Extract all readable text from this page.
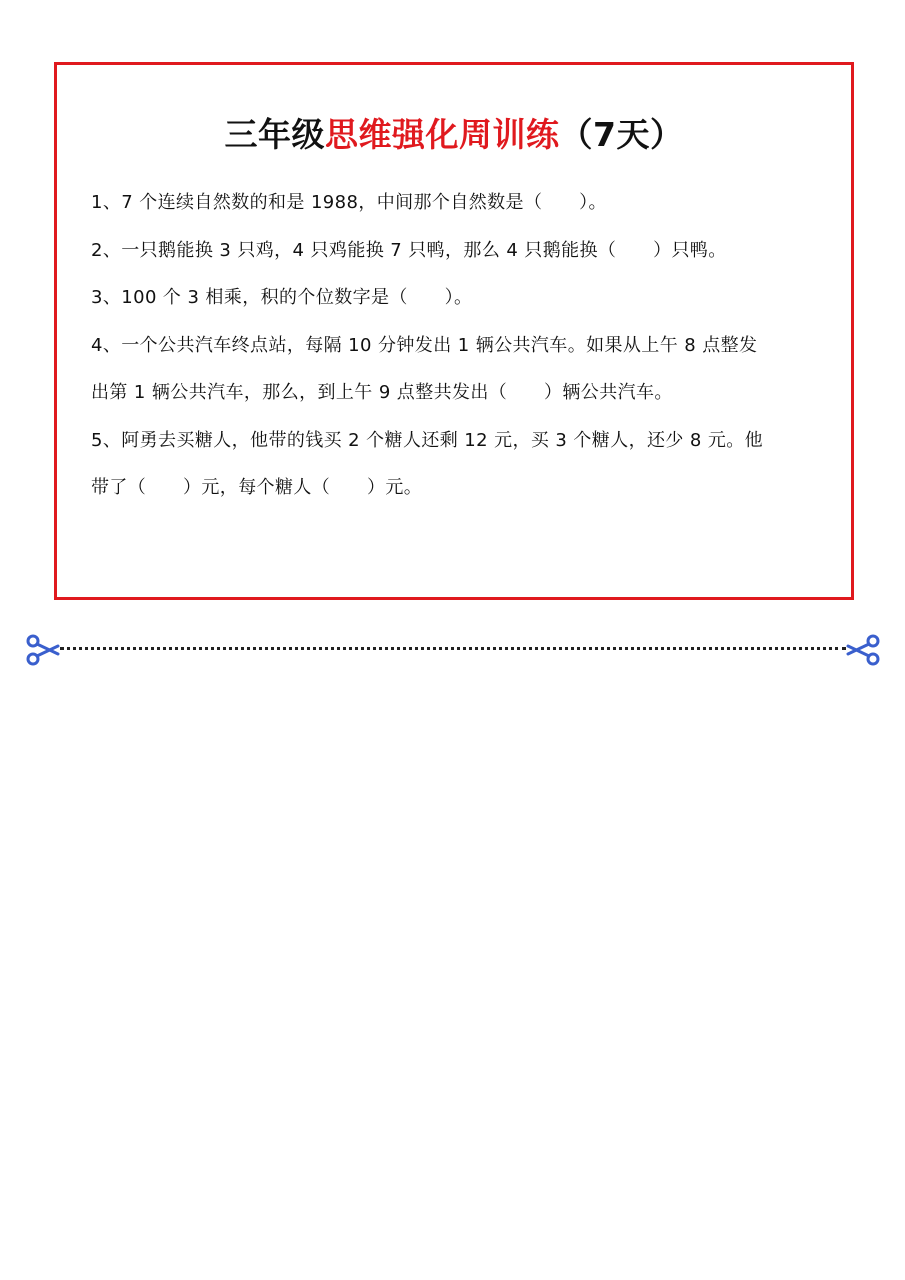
三年级思维强化周训练（7天）
1、7 个连续自然数的和是 1988，中间那个自然数是（　　）。
2、一只鹅能换 3 只鸡，4 只鸡能换 7 只鸭，那么 4 只鹅能换（　　）只鸭。
3、100 个 3 相乘，积的个位数字是（　　）。
4、一个公共汽车终点站，每隔 10 分钟发出 1 辆公共汽车。如果从上午 8 点整发
出第 1 辆公共汽车，那么，到上午 9 点整共发出（　　）辆公共汽车。
5、阿勇去买糖人，他带的钱买 2 个糖人还剩 12 元，买 3 个糖人，还少 8 元。他
带了（　　）元，每个糖人（　　）元。
